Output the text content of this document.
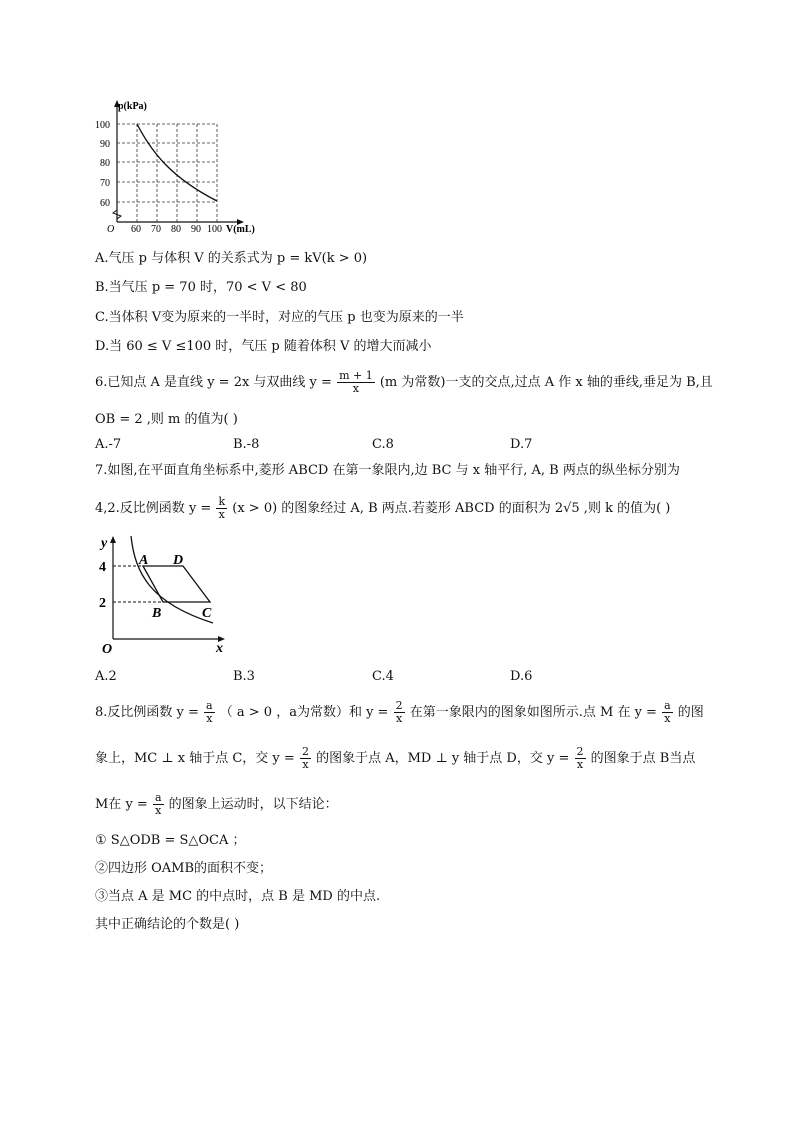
p(kPa)
100
90
80
70
60
O 60 70 80 90 100 V(mL)
A.气压 p 与体积 V 的关系式为 p = kV(k > 0)
B.当气压 p = 70 时，70 < V < 80
C.当体积 V变为原来的一半时，对应的气压 p 也变为原来的一半
D.当 60 ≤ V ≤100 时，气压 p 随着体积 V 的增大而减小
6.已知点 A 是直线 y = 2x 与双曲线 $y = \frac{m + 1}{x} (m$ 为常数)一支的交点,过点 A 作 x 轴的垂线,垂足为 B,且
OB = 2 ,则 m 的值为( )
A.-7	B.-8	C.8	D.7
7.如图,在平面直角坐标系中,菱形 ABCD 在第一象限内,边 BC 与 x 轴平行, A, B 两点的纵坐标分别为
4,2.反比例函数 $y = \frac{k}{x} (x > 0)$ 的图象经过 A, B 两点.若菱形 ABCD 的面积为 2√5 ,则 k 的值为( )
y
4
2
O	x
A D
B	C
A.2	B.3	C.4	D.6
8.反比例函数 $y = \frac{a}{x}$ （ a > 0 ，a为常数）和 $y = \frac{2}{x}$ 在第一象限内的图象如图所示.点 M 在 $y = \frac{a}{x}$ 的图
象上，MC ⊥ x 轴于点 C，交 $y = \frac{2}{x}$ 的图象于点 A，MD ⊥ y 轴于点 D，交 $y = \frac{2}{x}$ 的图象于点 B当点
M在 $y = \frac{a}{x}$ 的图象上运动时，以下结论：
① S△ODB = S△OCA ；
②四边形 OAMB的面积不变；
③当点 A 是 MC 的中点时，点 B 是 MD 的中点.
其中正确结论的个数是( )
